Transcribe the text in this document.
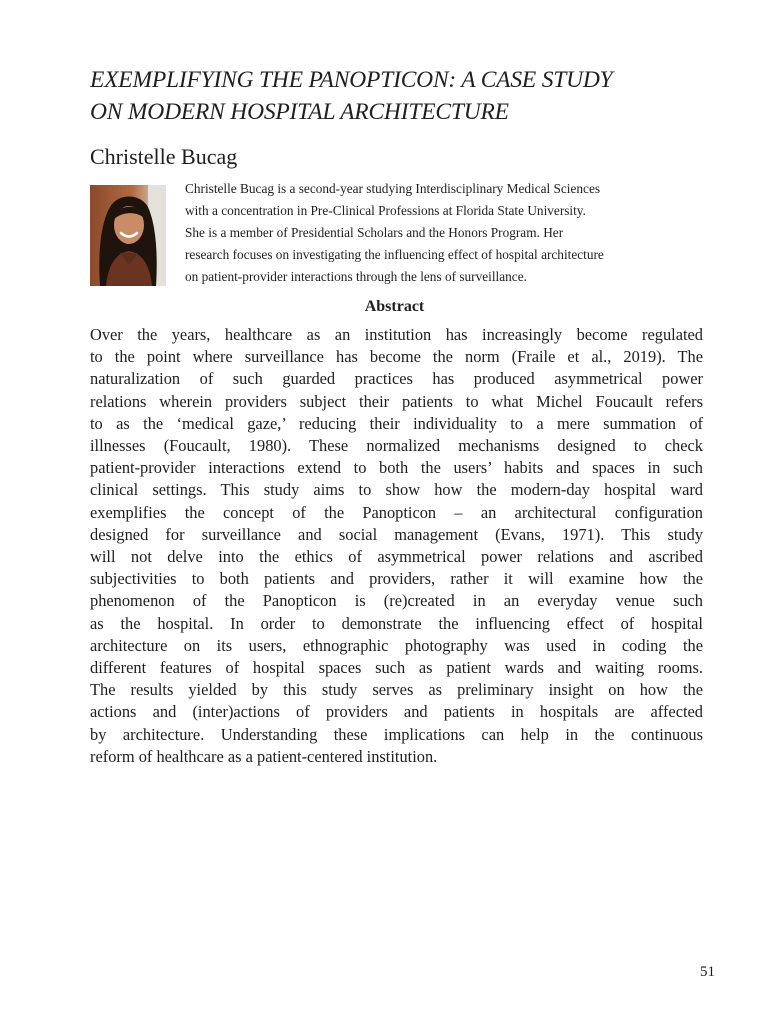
EXEMPLIFYING THE PANOPTICON: A CASE STUDY
ON MODERN HOSPITAL ARCHITECTURE
Christelle Bucag
Christelle Bucag is a second-year studying Interdisciplinary Medical Sciences
with a concentration in Pre-Clinical Professions at Florida State University.
She is a member of Presidential Scholars and the Honors Program. Her
research focuses on investigating the influencing effect of hospital architecture
on patient-provider interactions through the lens of surveillance.
Abstract
Over the years, healthcare as an institution has increasingly become regulated
to the point where surveillance has become the norm (Fraile et al., 2019). The
naturalization of such guarded practices has produced asymmetrical power
relations wherein providers subject their patients to what Michel Foucault refers
to as the ‘medical gaze,’ reducing their individuality to a mere summation of
illnesses (Foucault, 1980). These normalized mechanisms designed to check
patient-provider interactions extend to both the users’ habits and spaces in such
clinical settings. This study aims to show how the modern-day hospital ward
exemplifies the concept of the Panopticon – an architectural configuration
designed for surveillance and social management (Evans, 1971). This study
will not delve into the ethics of asymmetrical power relations and ascribed
subjectivities to both patients and providers, rather it will examine how the
phenomenon of the Panopticon is (re)created in an everyday venue such
as the hospital. In order to demonstrate the influencing effect of hospital
architecture on its users, ethnographic photography was used in coding the
different features of hospital spaces such as patient wards and waiting rooms.
The results yielded by this study serves as preliminary insight on how the
actions and (inter)actions of providers and patients in hospitals are affected
by architecture. Understanding these implications can help in the continuous
reform of healthcare as a patient-centered institution.
51
